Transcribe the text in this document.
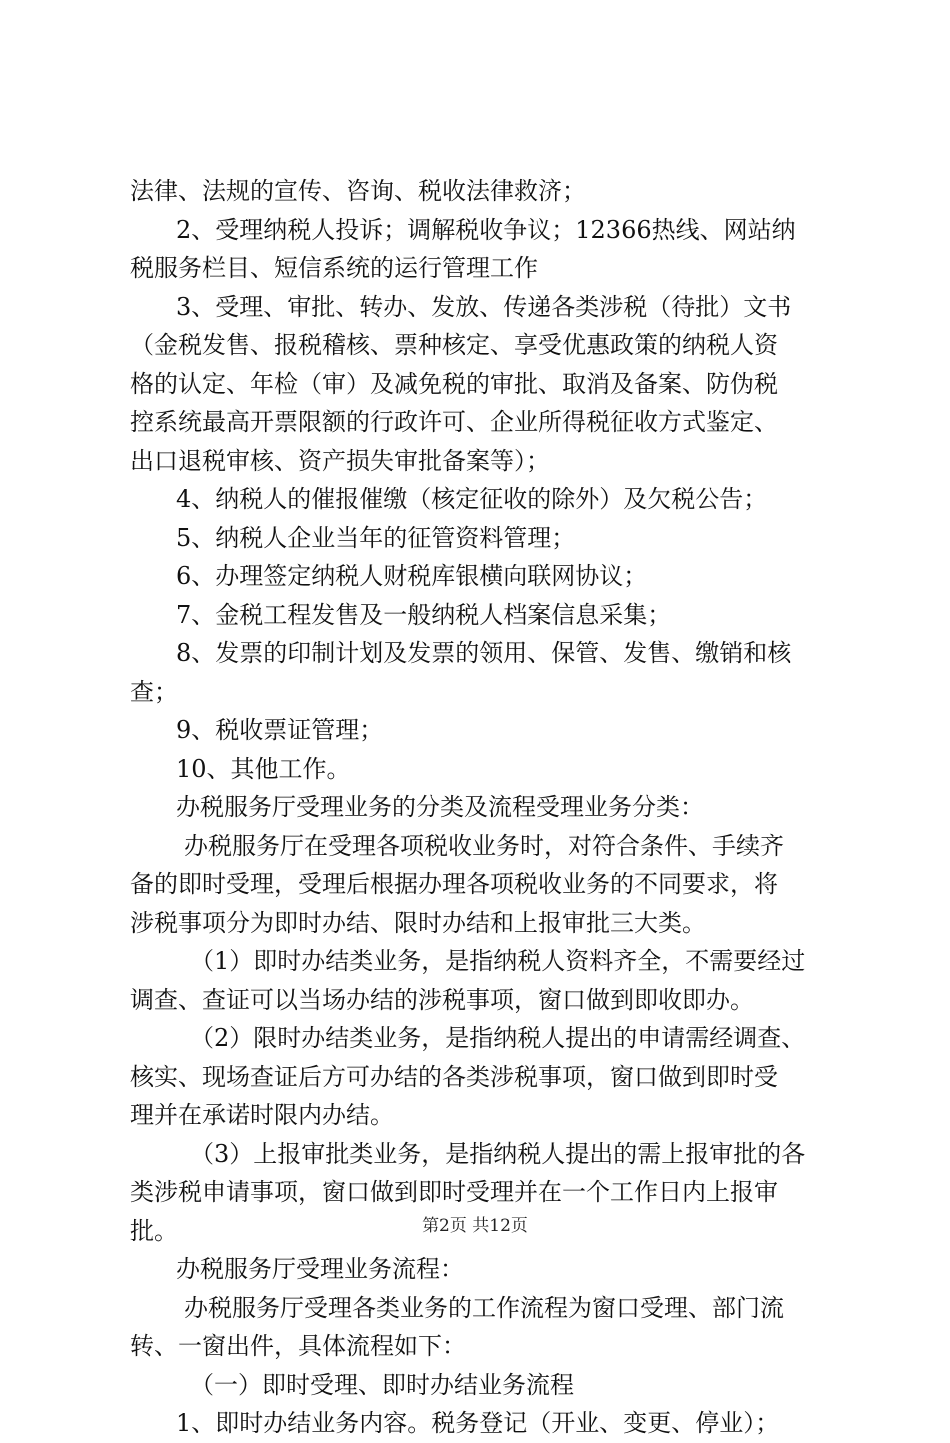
法律、法规的宣传、咨询、税收法律救济；
2、受理纳税人投诉；调解税收争议；12366热线、网站纳
税服务栏目、短信系统的运行管理工作
3、受理、审批、转办、发放、传递各类涉税（待批）文书
（金税发售、报税稽核、票种核定、享受优惠政策的纳税人资
格的认定、年检（审）及减免税的审批、取消及备案、防伪税
控系统最高开票限额的行政许可、企业所得税征收方式鉴定、
出口退税审核、资产损失审批备案等）；
4、纳税人的催报催缴（核定征收的除外）及欠税公告；
5、纳税人企业当年的征管资料管理；
6、办理签定纳税人财税库银横向联网协议；
7、金税工程发售及一般纳税人档案信息采集；
8、发票的印制计划及发票的领用、保管、发售、缴销和核
查；
9、税收票证管理；
10、其他工作。
办税服务厅受理业务的分类及流程受理业务分类：
办税服务厅在受理各项税收业务时，对符合条件、手续齐
备的即时受理，受理后根据办理各项税收业务的不同要求，将
涉税事项分为即时办结、限时办结和上报审批三大类。
（1）即时办结类业务，是指纳税人资料齐全，不需要经过
调查、查证可以当场办结的涉税事项，窗口做到即收即办。
（2）限时办结类业务，是指纳税人提出的申请需经调查、
核实、现场查证后方可办结的各类涉税事项，窗口做到即时受
理并在承诺时限内办结。
（3）上报审批类业务，是指纳税人提出的需上报审批的各
类涉税申请事项，窗口做到即时受理并在一个工作日内上报审
批。
办税服务厅受理业务流程：
办税服务厅受理各类业务的工作流程为窗口受理、部门流
转、一窗出件，具体流程如下：
（一）即时受理、即时办结业务流程
1、即时办结业务内容。税务登记（开业、变更、停业）；
第2页 共12页
